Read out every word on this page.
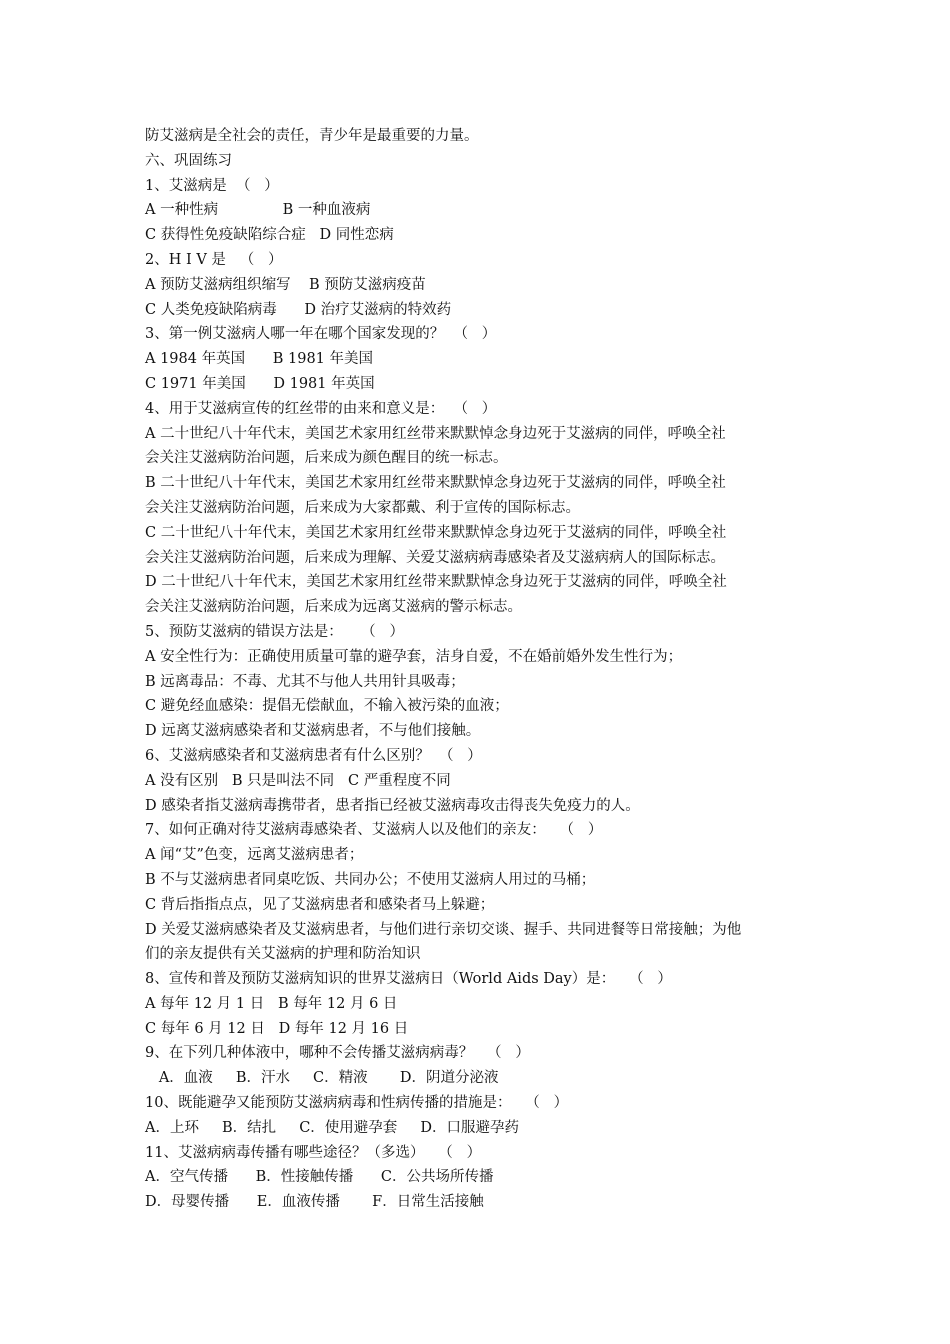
防艾滋病是全社会的责任，青少年是最重要的力量。
六、巩固练习
1、艾滋病是  （   ）
A 一种性病              B 一种血液病
C 获得性免疫缺陷综合症   D 同性恋病
2、H I V 是   （   ）
A 预防艾滋病组织缩写    B 预防艾滋病疫苗
C 人类免疫缺陷病毒      D 治疗艾滋病的特效药
3、第一例艾滋病人哪一年在哪个国家发现的？  （   ）
A 1984 年英国      B 1981 年美国
C 1971 年美国      D 1981 年英国
4、用于艾滋病宣传的红丝带的由来和意义是：  （   ）
A 二十世纪八十年代末，美国艺术家用红丝带来默默悼念身边死于艾滋病的同伴，呼唤全社
会关注艾滋病防治问题，后来成为颜色醒目的统一标志。
B 二十世纪八十年代末，美国艺术家用红丝带来默默悼念身边死于艾滋病的同伴，呼唤全社
会关注艾滋病防治问题，后来成为大家都戴、利于宣传的国际标志。
C 二十世纪八十年代末，美国艺术家用红丝带来默默悼念身边死于艾滋病的同伴，呼唤全社
会关注艾滋病防治问题，后来成为理解、关爱艾滋病病毒感染者及艾滋病病人的国际标志。
D 二十世纪八十年代末，美国艺术家用红丝带来默默悼念身边死于艾滋病的同伴，呼唤全社
会关注艾滋病防治问题，后来成为远离艾滋病的警示标志。
5、预防艾滋病的错误方法是：    （   ）
A 安全性行为：正确使用质量可靠的避孕套，洁身自爱，不在婚前婚外发生性行为；
B 远离毒品：不毒、尤其不与他人共用针具吸毒；
C 避免经血感染：提倡无偿献血，不输入被污染的血液；
D 远离艾滋病感染者和艾滋病患者，不与他们接触。
6、艾滋病感染者和艾滋病患者有什么区别？  （   ）
A 没有区别   B 只是叫法不同   C 严重程度不同
D 感染者指艾滋病毒携带者，患者指已经被艾滋病毒攻击得丧失免疫力的人。
7、如何正确对待艾滋病毒感染者、艾滋病人以及他们的亲友：   （   ）
A 闻“艾”色变，远离艾滋病患者；
B 不与艾滋病患者同桌吃饭、共同办公；不使用艾滋病人用过的马桶；
C 背后指指点点，见了艾滋病患者和感染者马上躲避；
D 关爱艾滋病感染者及艾滋病患者，与他们进行亲切交谈、握手、共同进餐等日常接触；为他
们的亲友提供有关艾滋病的护理和防治知识
8、宣传和普及预防艾滋病知识的世界艾滋病日（World Aids Day）是：   （   ）
A 每年 12 月 1 日   B 每年 12 月 6 日
C 每年 6 月 12 日   D 每年 12 月 16 日
9、在下列几种体液中，哪种不会传播艾滋病病毒？   （   ）
A．血液     B．汗水     C．精液       D．阴道分泌液
10、既能避孕又能预防艾滋病病毒和性病传播的措施是：   （   ）
A．上环     B．结扎     C．使用避孕套     D．口服避孕药
11、艾滋病病毒传播有哪些途径？（多选）   （   ）
A．空气传播      B．性接触传播      C．公共场所传播
D．母婴传播      E．血液传播       F．日常生活接触
